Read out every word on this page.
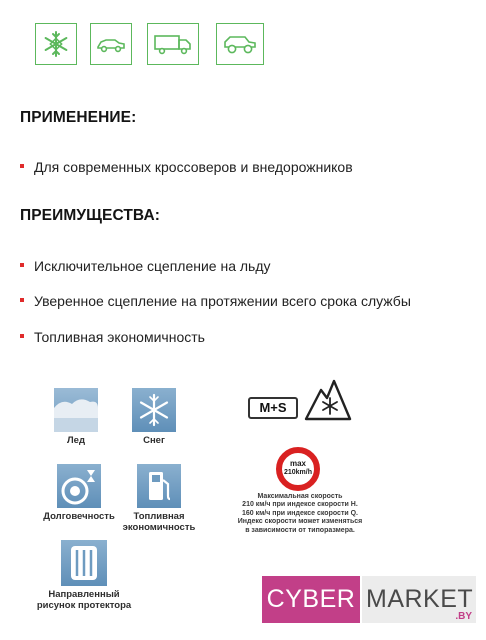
ПРИМЕНЕНИЕ:
Для современных кроссоверов и внедорожников
ПРЕИМУЩЕСТВА:
Исключительное сцепление на льду
Уверенное сцепление на протяжении всего срока службы
Топливная экономичность
Лед	Снег
Долговечность	Топливная
экономичность
Направленный
рисунок протектора
M+S
max
210km/h
Максимальная скорость
210 км/ч при индексе скорости H.
160 км/ч при индексе скорости Q.
Индекс скорости может изменяться
в зависимости от типоразмера.
CYBER MARKET
.BY
